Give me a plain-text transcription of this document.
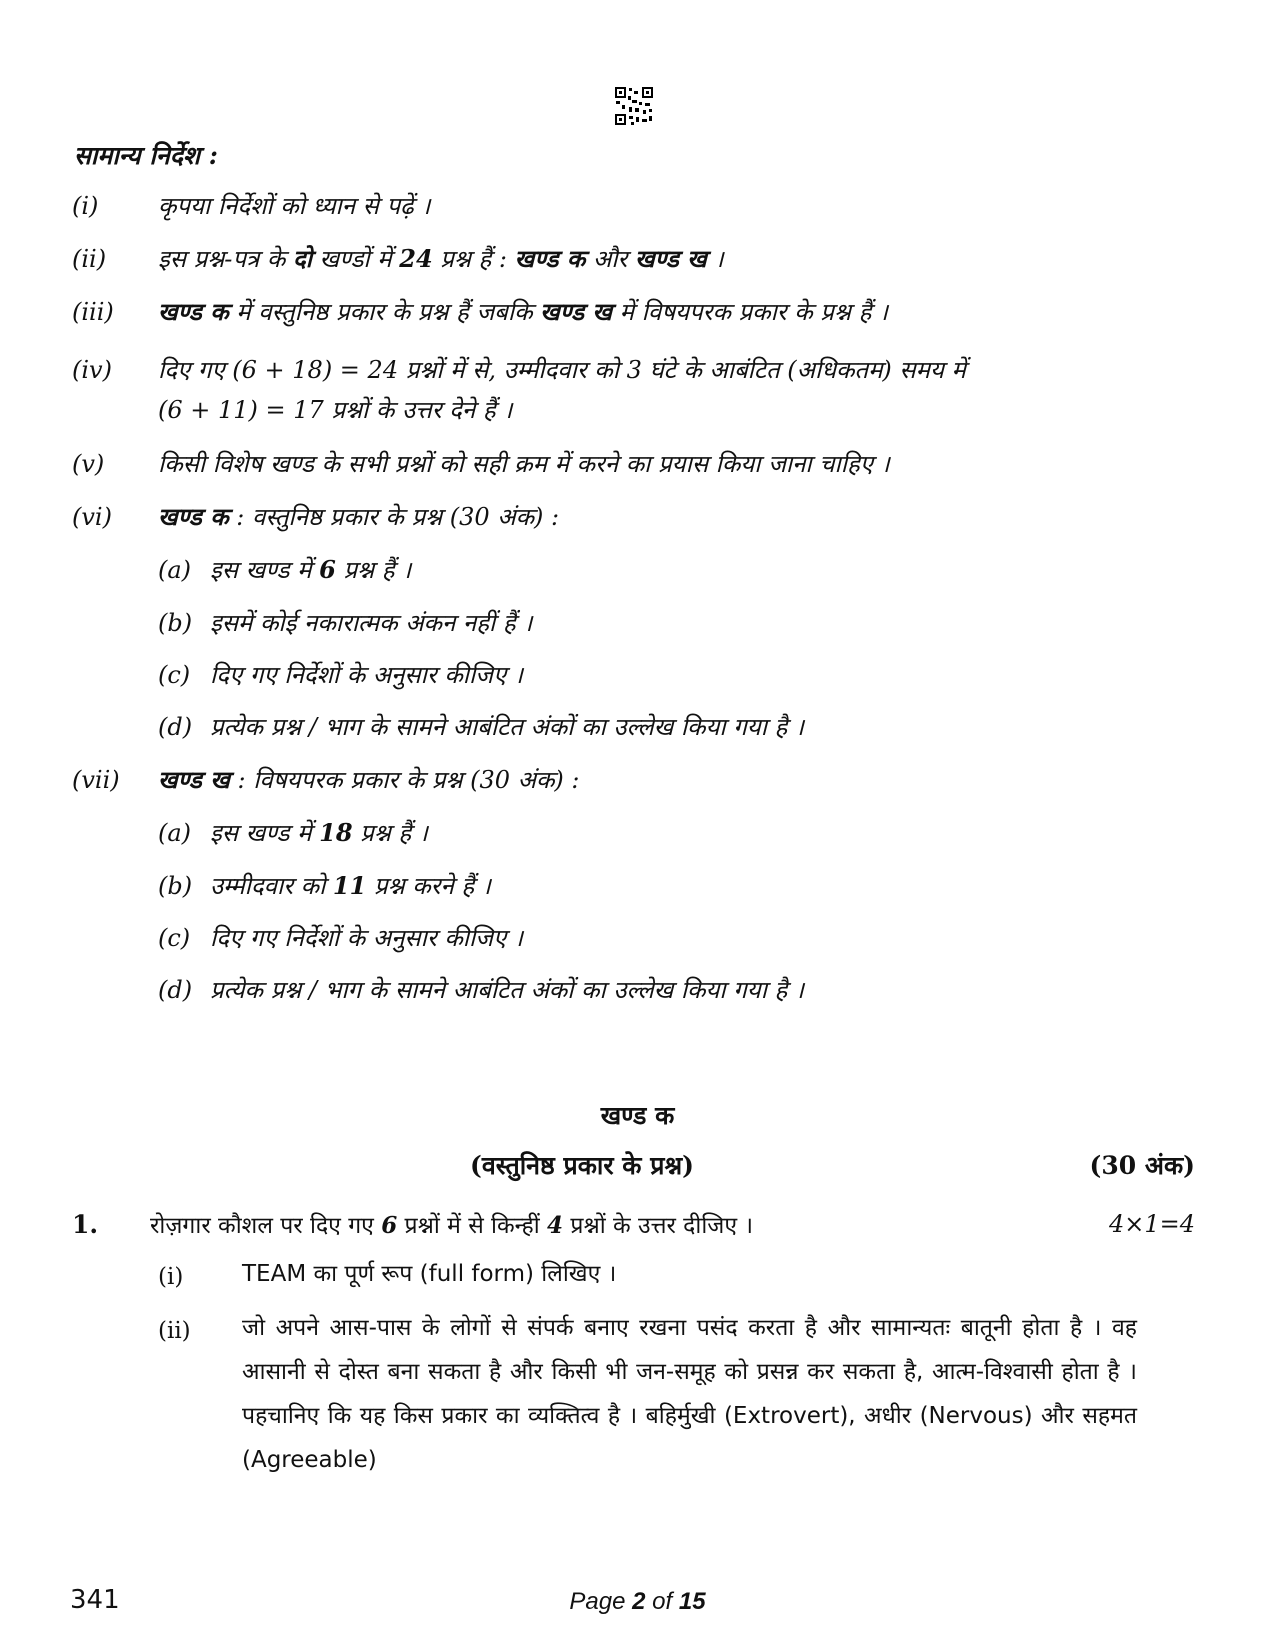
सामान्य निर्देश :
(i) कृपया निर्देशों को ध्यान से पढ़ें ।
(ii) इस प्रश्न-पत्र के दो खण्डों में 24 प्रश्न हैं : खण्ड क और खण्ड ख ।
(iii) खण्ड क में वस्तुनिष्ठ प्रकार के प्रश्न हैं जबकि खण्ड ख में विषयपरक प्रकार के प्रश्न हैं ।
(iv) दिए गए (6 + 18) = 24 प्रश्नों में से, उम्मीदवार को 3 घंटे के आबंटित (अधिकतम) समय में
(6 + 11) = 17 प्रश्नों के उत्तर देने हैं ।
(v) किसी विशेष खण्ड के सभी प्रश्नों को सही क्रम में करने का प्रयास किया जाना चाहिए ।
(vi) खण्ड क : वस्तुनिष्ठ प्रकार के प्रश्न (30 अंक) :
(a) इस खण्ड में 6 प्रश्न हैं ।
(b) इसमें कोई नकारात्मक अंकन नहीं हैं ।
(c) दिए गए निर्देशों के अनुसार कीजिए ।
(d) प्रत्येक प्रश्न / भाग के सामने आबंटित अंकों का उल्लेख किया गया है ।
(vii) खण्ड ख : विषयपरक प्रकार के प्रश्न (30 अंक) :
(a) इस खण्ड में 18 प्रश्न हैं ।
(b) उम्मीदवार को 11 प्रश्न करने हैं ।
(c) दिए गए निर्देशों के अनुसार कीजिए ।
(d) प्रत्येक प्रश्न / भाग के सामने आबंटित अंकों का उल्लेख किया गया है ।
खण्ड क
(वस्तुनिष्ठ प्रकार के प्रश्न)	(30 अंक)
1. रोज़गार कौशल पर दिए गए 6 प्रश्नों में से किन्हीं 4 प्रश्नों के उत्तर दीजिए ।	4×1=4
(i)	TEAM का पूर्ण रूप (full form) लिखिए ।
(ii) जो अपने आस-पास के लोगों से संपर्क बनाए रखना पसंद करता है और सामान्यतः बातूनी होता है । वह आसानी से दोस्त बना सकता है और किसी भी जन-समूह को प्रसन्न कर सकता है, आत्म-विश्वासी होता है । पहचानिए कि यह किस प्रकार का व्यक्तित्व है । बहिर्मुखी (Extrovert), अधीर (Nervous) और सहमत (Agreeable)
341	Page 2 of 15
